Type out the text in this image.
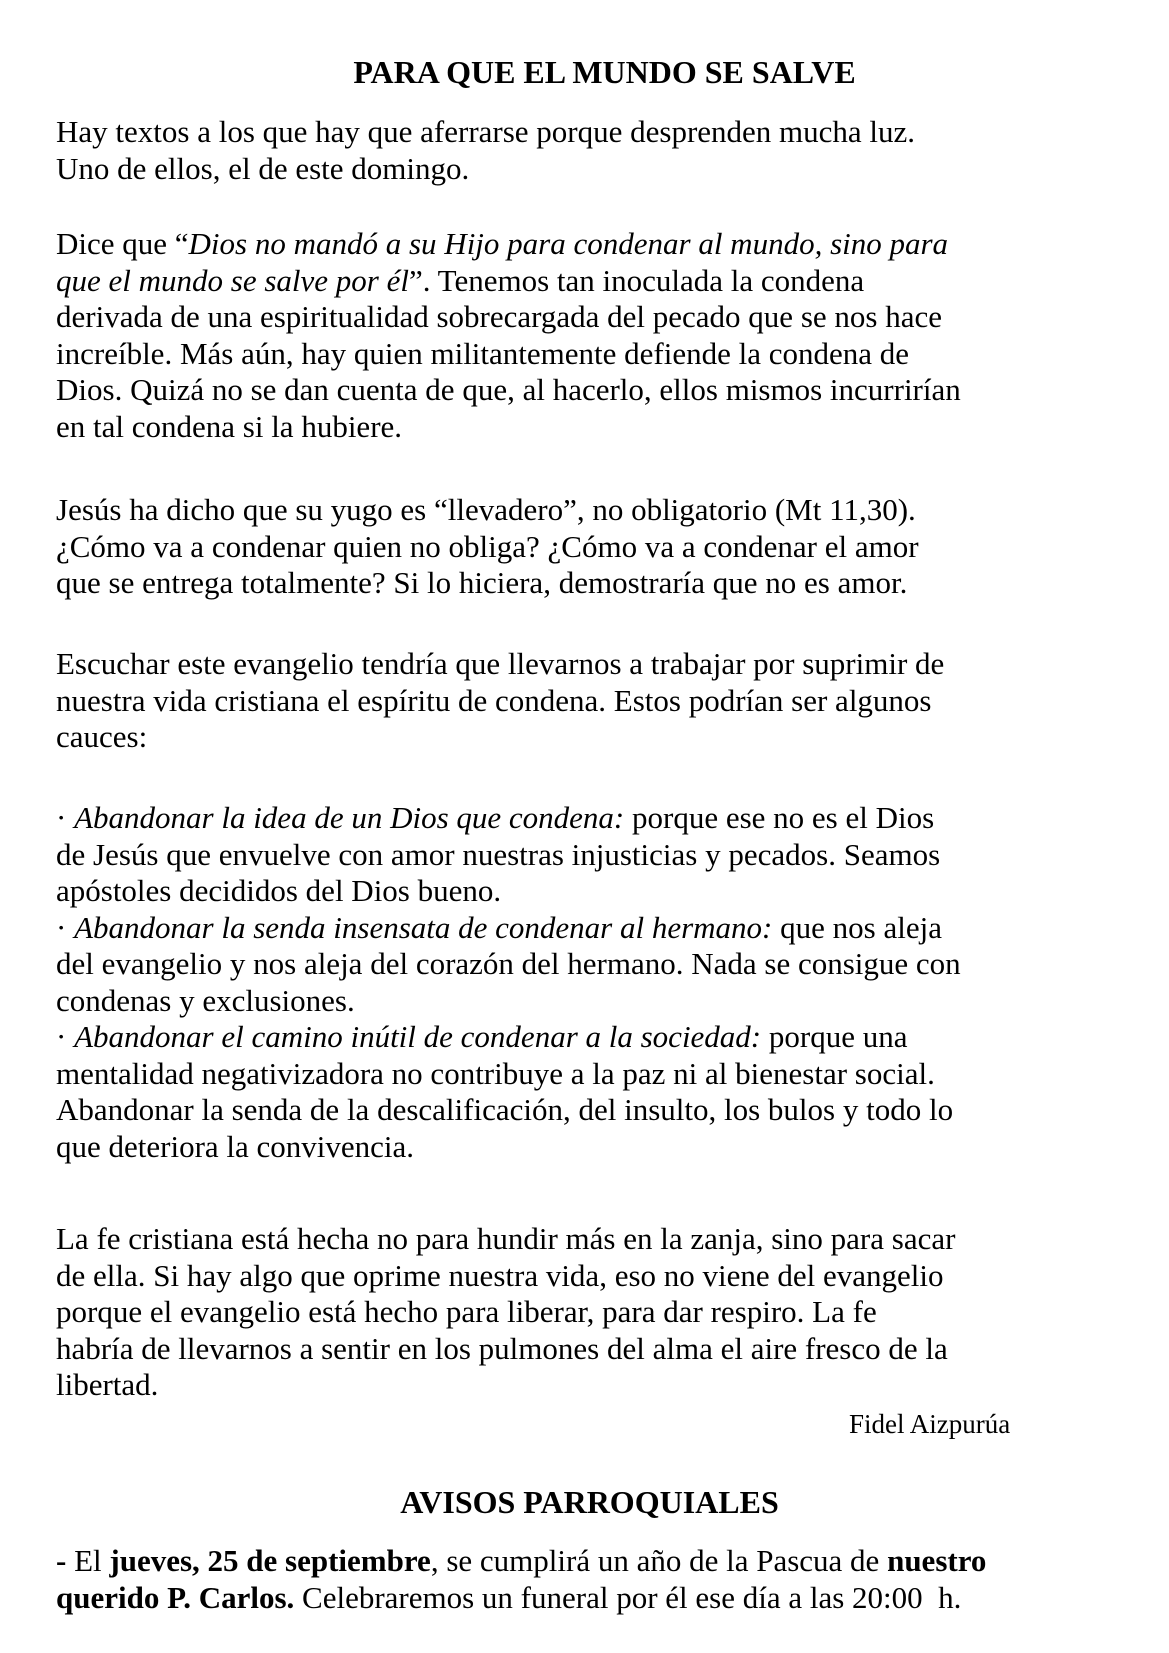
PARA QUE EL MUNDO SE SALVE
Hay textos a los que hay que aferrarse porque desprenden mucha luz.
Uno de ellos, el de este domingo.
Dice que “Dios no mandó a su Hijo para condenar al mundo, sino para
que el mundo se salve por él”. Tenemos tan inoculada la condena
derivada de una espiritualidad sobrecargada del pecado que se nos hace
increíble. Más aún, hay quien militantemente defiende la condena de
Dios. Quizá no se dan cuenta de que, al hacerlo, ellos mismos incurrirían
en tal condena si la hubiere.
Jesús ha dicho que su yugo es “llevadero”, no obligatorio (Mt 11,30).
¿Cómo va a condenar quien no obliga? ¿Cómo va a condenar el amor
que se entrega totalmente? Si lo hiciera, demostraría que no es amor.
Escuchar este evangelio tendría que llevarnos a trabajar por suprimir de
nuestra vida cristiana el espíritu de condena. Estos podrían ser algunos
cauces:
· Abandonar la idea de un Dios que condena: porque ese no es el Dios
de Jesús que envuelve con amor nuestras injusticias y pecados. Seamos
apóstoles decididos del Dios bueno.
· Abandonar la senda insensata de condenar al hermano: que nos aleja
del evangelio y nos aleja del corazón del hermano. Nada se consigue con
condenas y exclusiones.
· Abandonar el camino inútil de condenar a la sociedad: porque una
mentalidad negativizadora no contribuye a la paz ni al bienestar social.
Abandonar la senda de la descalificación, del insulto, los bulos y todo lo
que deteriora la convivencia.
La fe cristiana está hecha no para hundir más en la zanja, sino para sacar
de ella. Si hay algo que oprime nuestra vida, eso no viene del evangelio
porque el evangelio está hecho para liberar, para dar respiro. La fe
habría de llevarnos a sentir en los pulmones del alma el aire fresco de la
libertad.
Fidel Aizpurúa
AVISOS PARROQUIALES
- El jueves, 25 de septiembre, se cumplirá un año de la Pascua de nuestro
querido P. Carlos. Celebraremos un funeral por él ese día a las 20:00  h.
